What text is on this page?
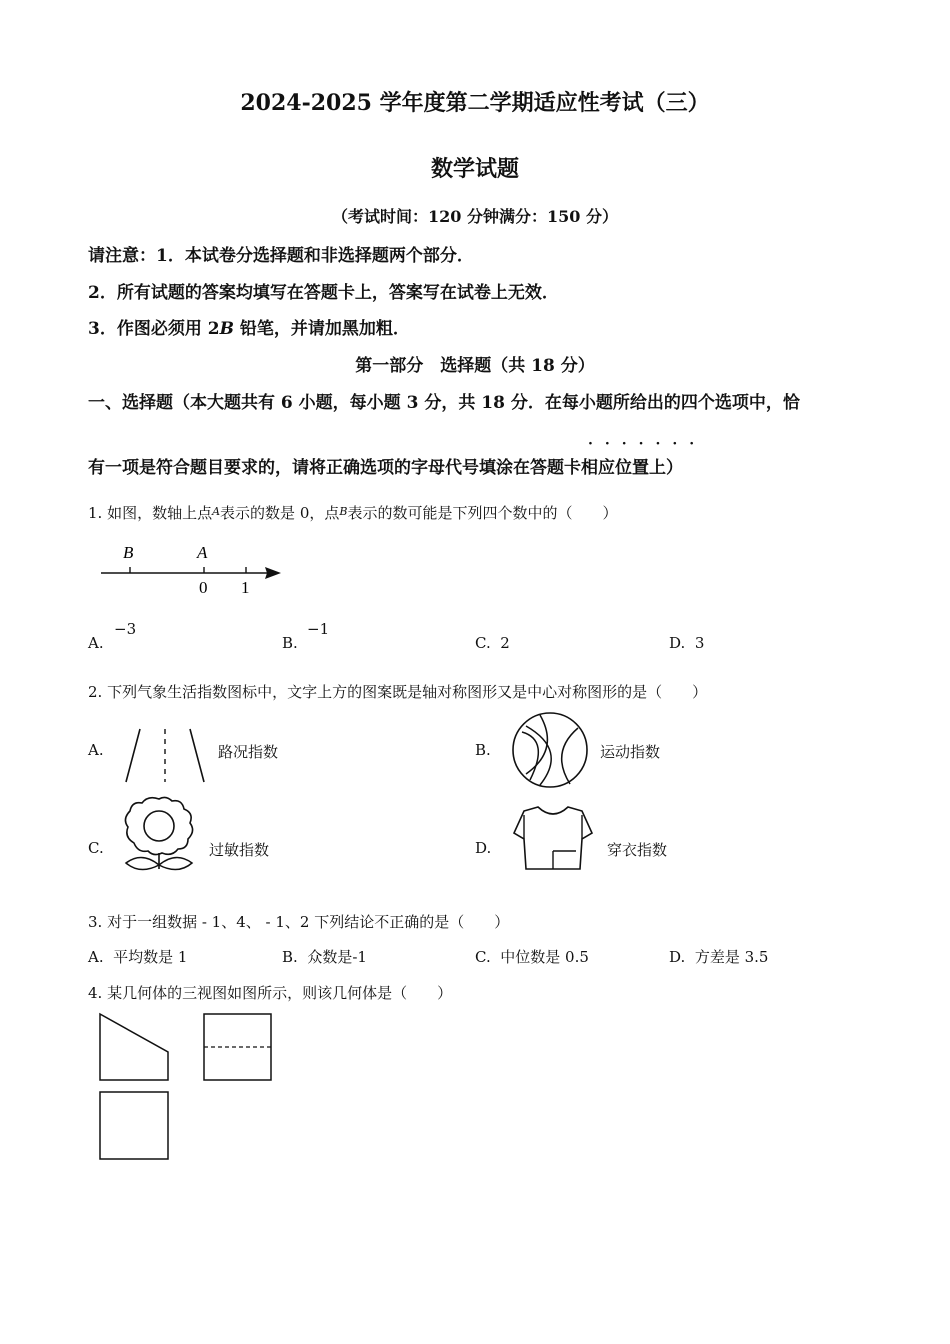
2024-2025 学年度第二学期适应性考试（三）
数学试题
（考试时间：120 分钟满分：150 分）
请注意：1．本试卷分选择题和非选择题两个部分．
2．所有试题的答案均填写在答题卡上，答案写在试卷上无效．
3．作图必须用 2B 铅笔，并请加黑加粗．
第一部分　选择题（共 18 分）
一、选择题（本大题共有 6 小题，每小题 3 分，共 18 分．在每小题所给出的四个选项中，恰
·······
有一项是符合题目要求的，请将正确选项的字母代号填涂在答题卡相应位置上）
1. 如图，数轴上点$^A$表示的数是 0，点$^B$表示的数可能是下列四个数中的（　　）
B	A
0 1
A.
−3
B.
−1
C. 2	D. 3
2. 下列气象生活指数图标中，文字上方的图案既是轴对称图形又是中心对称图形的是（　　）
A.	路况指数	B.	运动指数
C.	过敏指数	D.	穿衣指数
3. 对于一组数据 - 1、4、 - 1、2 下列结论不正确的是（　　）
A. 平均数是 1	B. 众数是-1	C. 中位数是 0.5	D. 方差是 3.5
4. 某几何体的三视图如图所示，则该几何体是（　　）
